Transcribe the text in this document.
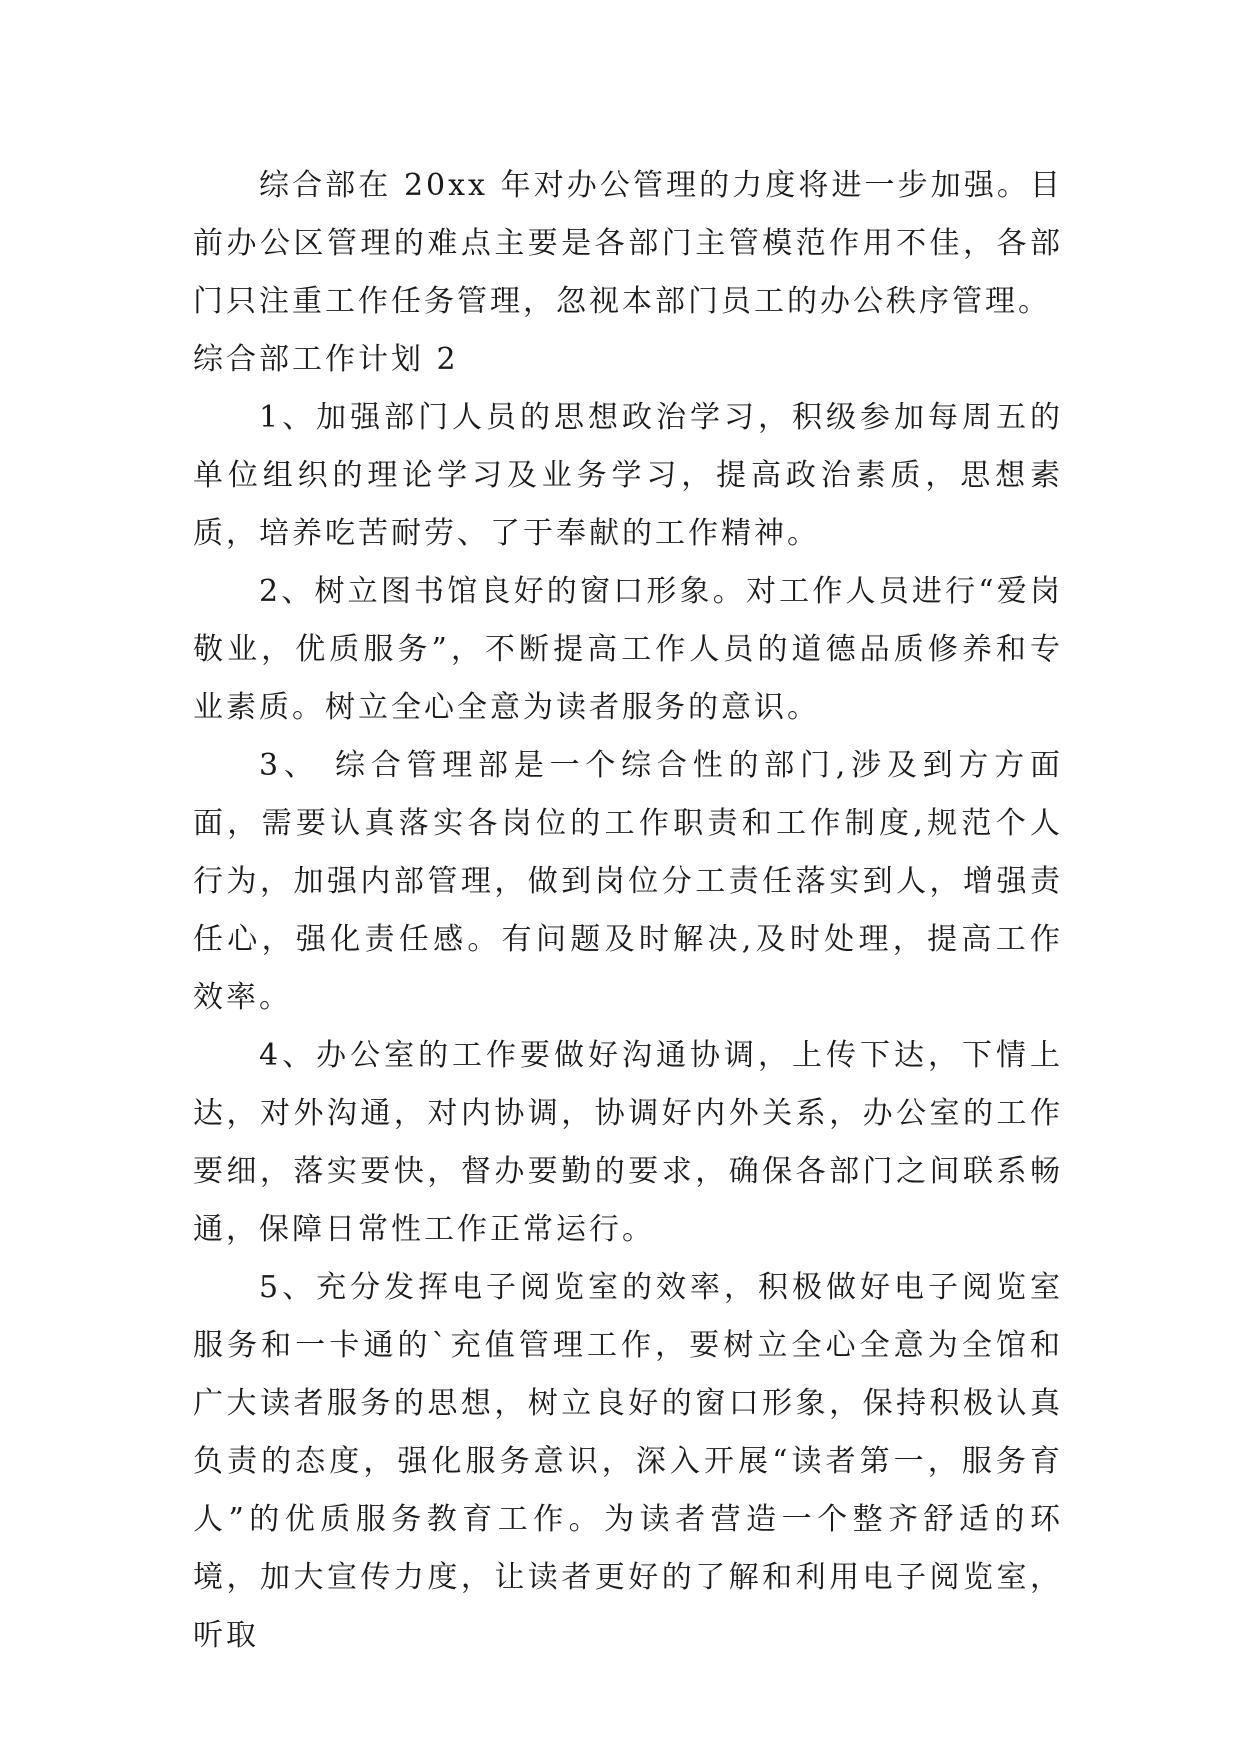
综合部在 20xx 年对办公管理的力度将进一步加强。目前办公区管理的难点主要是各部门主管模范作用不佳，各部门只注重工作任务管理，忽视本部门员工的办公秩序管理。

综合部工作计划 2

1、加强部门人员的思想政治学习，积级参加每周五的单位组织的理论学习及业务学习，提高政治素质，思想素质，培养吃苦耐劳、了于奉献的工作精神。

2、树立图书馆良好的窗口形象。对工作人员进行“爱岗敬业，优质服务”，不断提高工作人员的道德品质修养和专业素质。树立全心全意为读者服务的意识。

3、 综合管理部是一个综合性的部门,涉及到方方面面，需要认真落实各岗位的工作职责和工作制度,规范个人行为，加强内部管理，做到岗位分工责任落实到人，增强责任心，强化责任感。有问题及时解决,及时处理，提高工作效率。

4、办公室的工作要做好沟通协调，上传下达，下情上达，对外沟通，对内协调，协调好内外关系，办公室的工作要细，落实要快，督办要勤的要求，确保各部门之间联系畅通，保障日常性工作正常运行。

5、充分发挥电子阅览室的效率，积极做好电子阅览室服务和一卡通的`充值管理工作，要树立全心全意为全馆和广大读者服务的思想，树立良好的窗口形象，保持积极认真负责的态度，强化服务意识，深入开展“读者第一，服务育人”的优质服务教育工作。为读者营造一个整齐舒适的环境，加大宣传力度，让读者更好的了解和利用电子阅览室，听取
